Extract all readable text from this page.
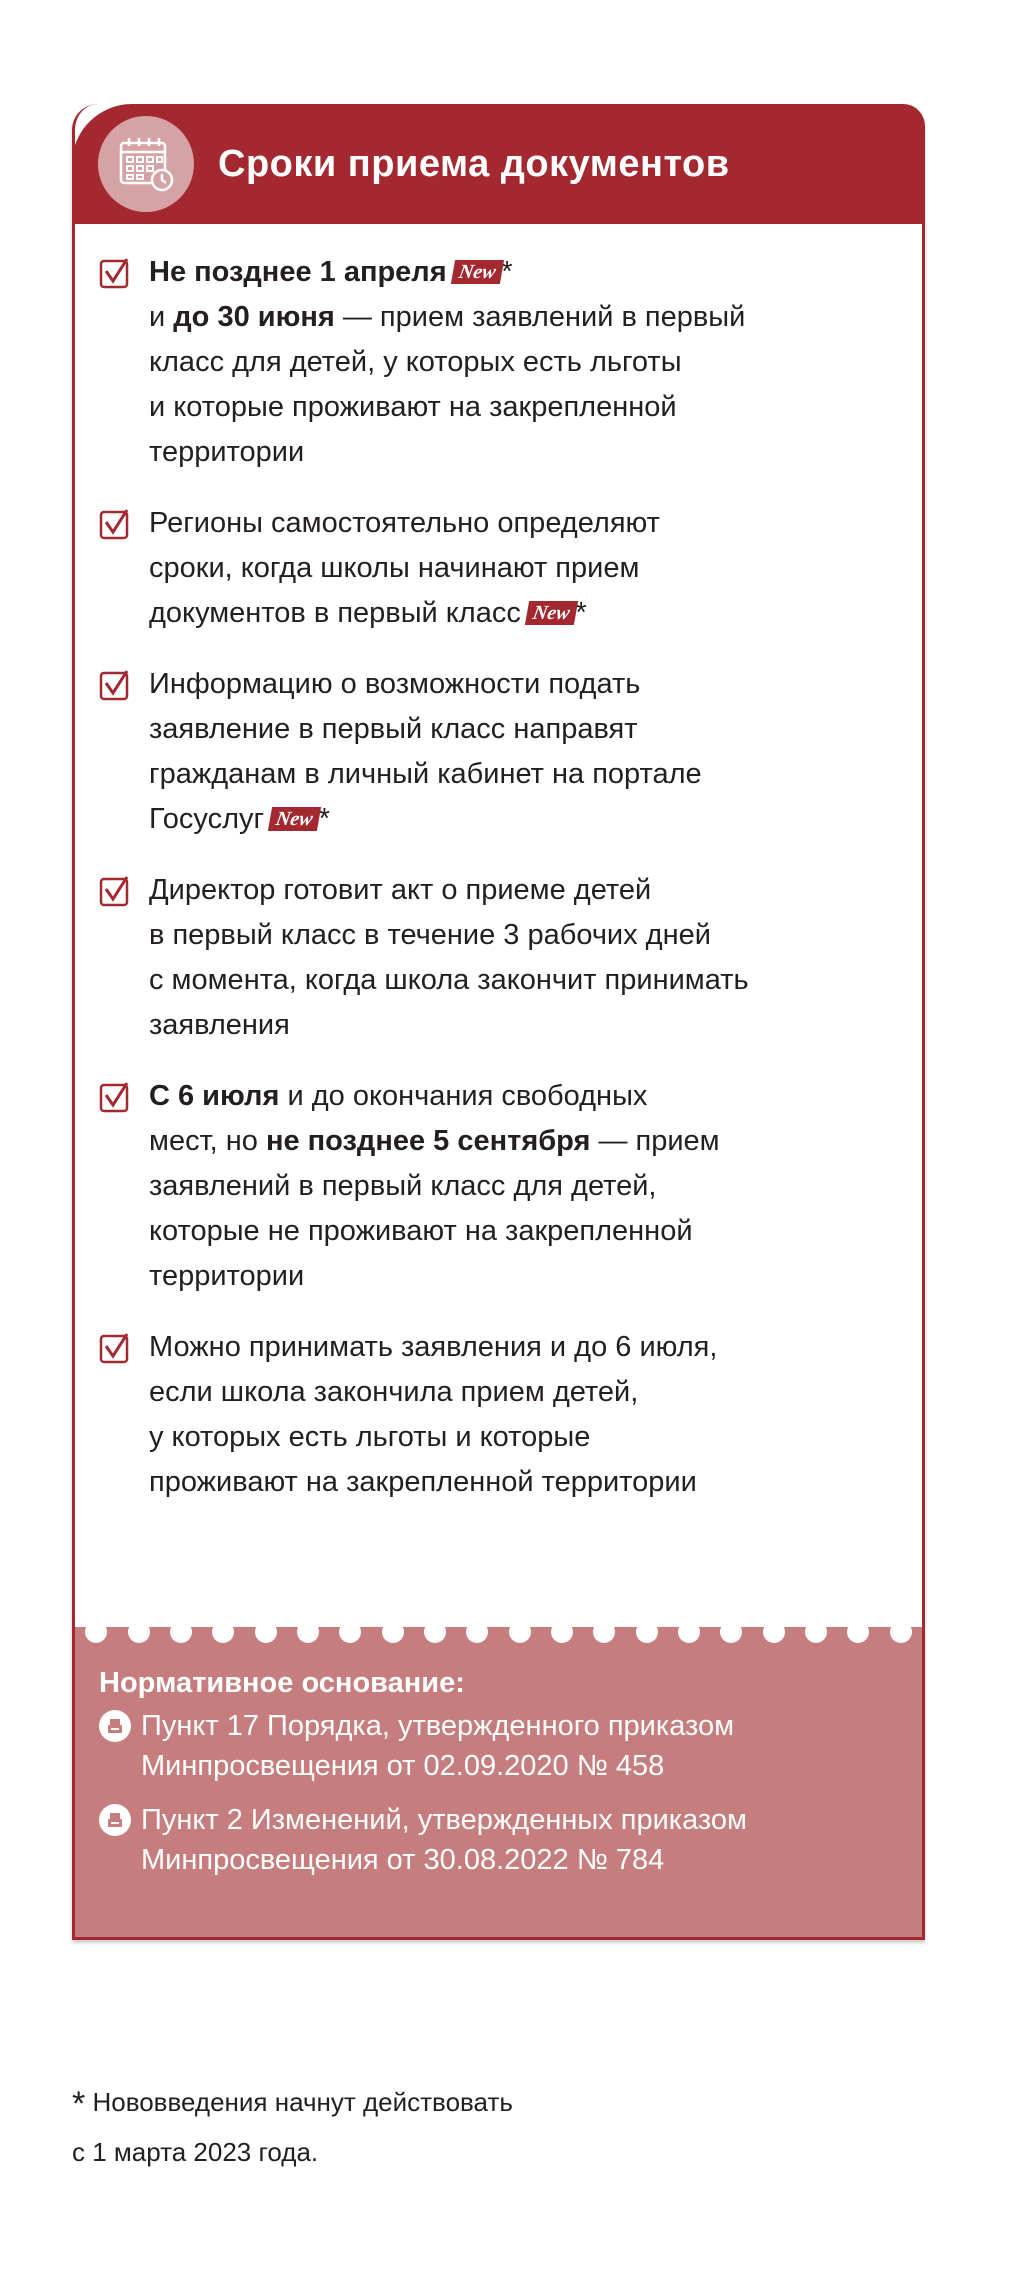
Сроки приема документов
Не позднее 1 апреля New *
и до 30 июня — прием заявлений в первый
класс для детей, у которых есть льготы
и которые проживают на закрепленной
территории
Регионы самостоятельно определяют
сроки, когда школы начинают прием
документов в первый класс New *
Информацию о возможности подать
заявление в первый класс направят
гражданам в личный кабинет на портале
Госуслуг New *
Директор готовит акт о приеме детей
в первый класс в течение 3 рабочих дней
с момента, когда школа закончит принимать
заявления
С 6 июля и до окончания свободных
мест, но не позднее 5 сентября — прием
заявлений в первый класс для детей,
которые не проживают на закрепленной
территории
Можно принимать заявления и до 6 июля,
если школа закончила прием детей,
у которых есть льготы и которые
проживают на закрепленной территории
Нормативное основание:
Пункт 17 Порядка, утвержденного приказом
Минпросвещения от 02.09.2020 № 458
Пункт 2 Изменений, утвержденных приказом
Минпросвещения от 30.08.2022 № 784
* Нововведения начнут действовать
с 1 марта 2023 года.
